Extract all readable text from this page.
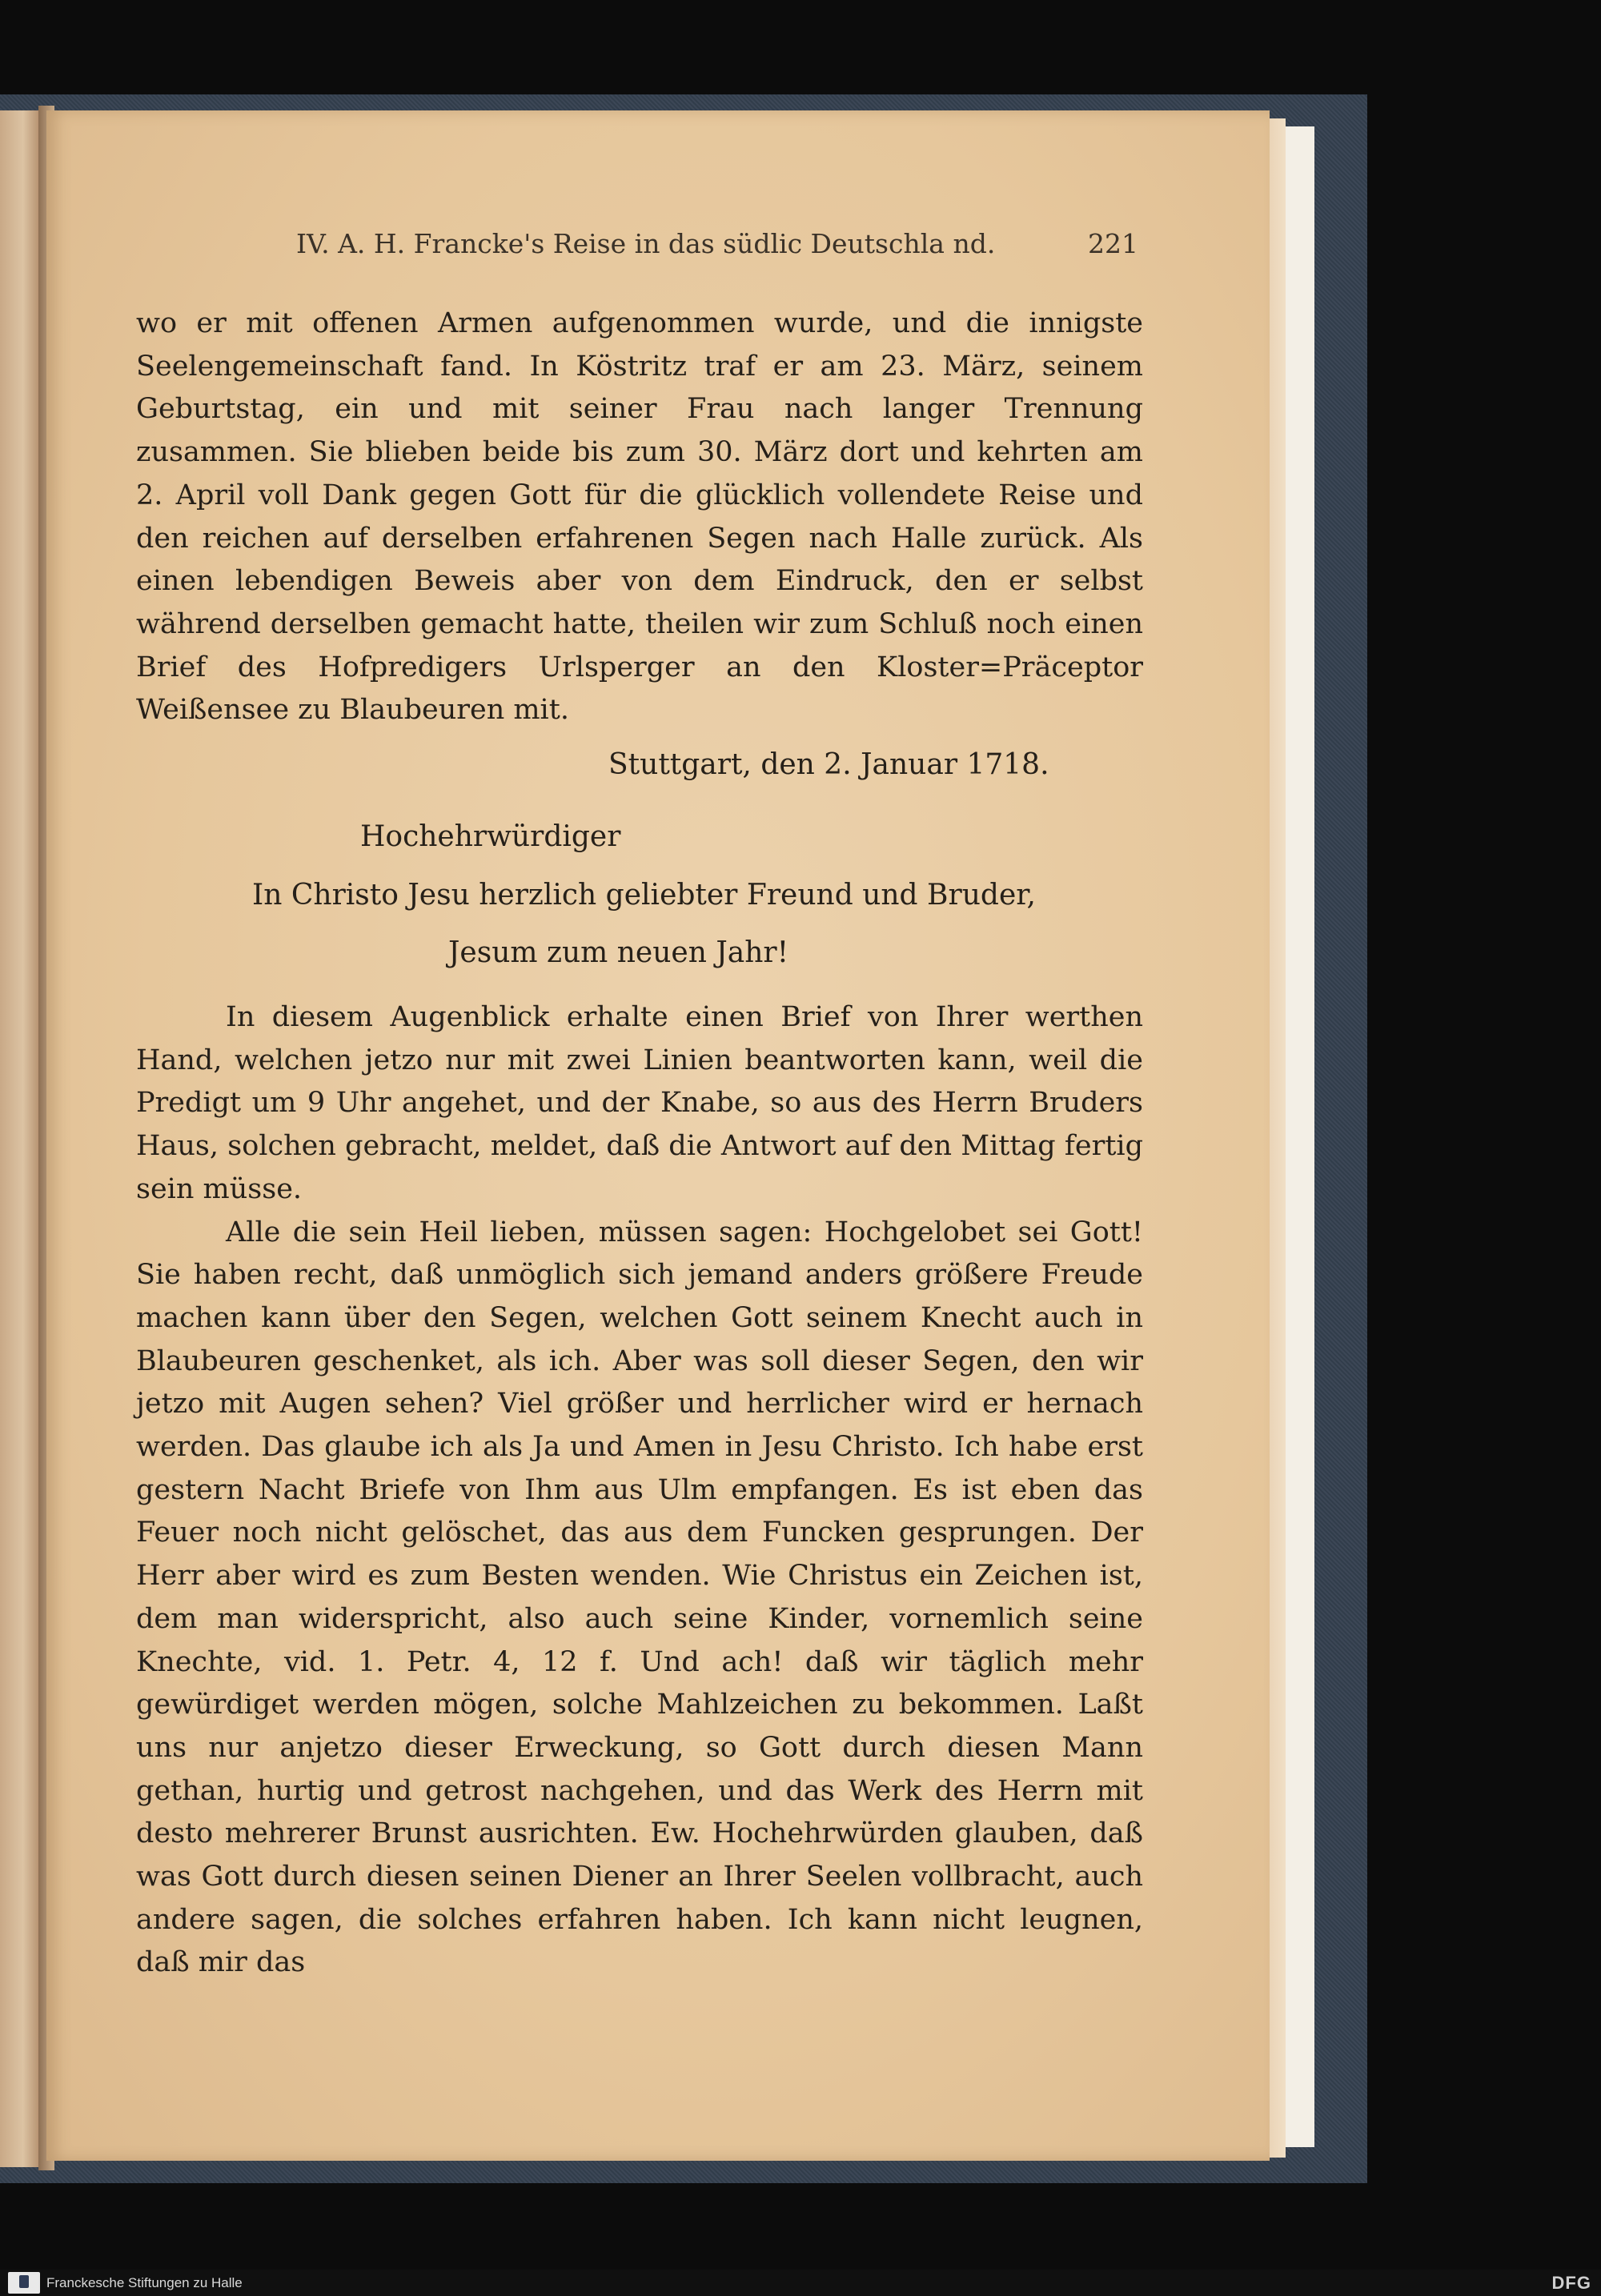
IV. A. H. Francke's Reise in das südlic Deutschla nd.	221

wo er mit offenen Armen aufgenommen wurde, und die innigste Seelengemeinschaft fand. In Köstritz traf er am 23. März, seinem Geburtstag, ein und mit seiner Frau nach langer Trennung zusammen. Sie blieben beide bis zum 30. März dort und kehrten am 2. April voll Dank gegen Gott für die glücklich vollendete Reise und den reichen auf derselben erfahrenen Segen nach Halle zurück. Als einen lebendigen Beweis aber von dem Eindruck, den er selbst während derselben gemacht hatte, theilen wir zum Schluß noch einen Brief des Hofpredigers Urlsperger an den Kloster=Präceptor Weißensee zu Blaubeuren mit.

Stuttgart, den 2. Januar 1718.
Hochehrwürdiger
In Christo Jesu herzlich geliebter Freund und Bruder,
Jesum zum neuen Jahr!

In diesem Augenblick erhalte einen Brief von Ihrer werthen Hand, welchen jetzo nur mit zwei Linien beantworten kann, weil die Predigt um 9 Uhr angehet, und der Knabe, so aus des Herrn Bruders Haus, solchen gebracht, meldet, daß die Antwort auf den Mittag fertig sein müsse.

Alle die sein Heil lieben, müssen sagen: Hochgelobet sei Gott! Sie haben recht, daß unmöglich sich jemand anders größere Freude machen kann über den Segen, welchen Gott seinem Knecht auch in Blaubeuren geschenket, als ich. Aber was soll dieser Segen, den wir jetzo mit Augen sehen? Viel größer und herrlicher wird er hernach werden. Das glaube ich als Ja und Amen in Jesu Christo. Ich habe erst gestern Nacht Briefe von Ihm aus Ulm empfangen. Es ist eben das Feuer noch nicht gelöschet, das aus dem Funcken gesprungen. Der Herr aber wird es zum Besten wenden. Wie Christus ein Zeichen ist, dem man widerspricht, also auch seine Kinder, vornemlich seine Knechte, vid. 1. Petr. 4, 12 f. Und ach! daß wir täglich mehr gewürdiget werden mögen, solche Mahlzeichen zu bekommen. Laßt uns nur anjetzo dieser Erweckung, so Gott durch diesen Mann gethan, hurtig und getrost nachgehen, und das Werk des Herrn mit desto mehrerer Brunst ausrichten. Ew. Hochehrwürden glauben, daß was Gott durch diesen seinen Diener an Ihrer Seelen vollbracht, auch andere sagen, die solches erfahren haben. Ich kann nicht leugnen, daß mir das

Franckesche Stiftungen zu Halle	DFG
